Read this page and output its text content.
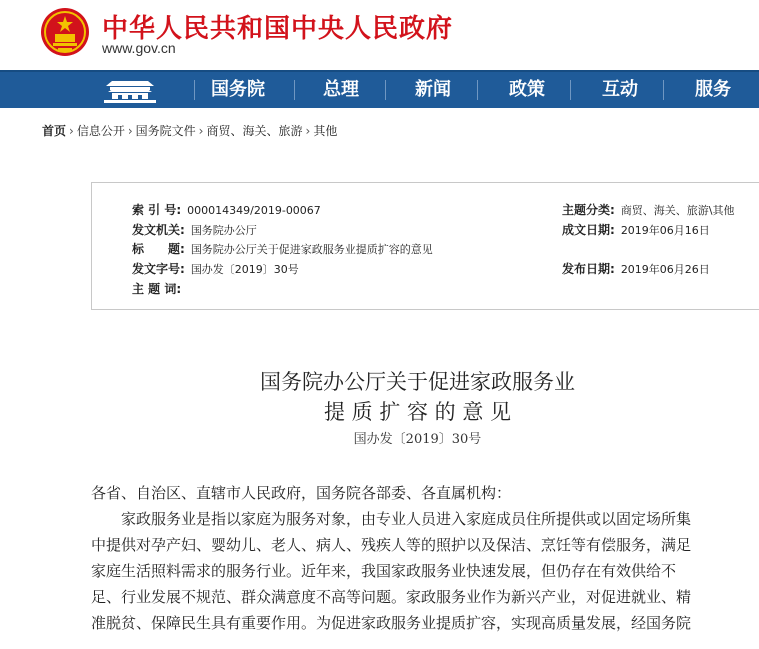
中华人民共和国中央人民政府
www.gov.cn
国务院	总理	新闻	政策	互动	服务
首页 › 信息公开 › 国务院文件 › 商贸、海关、旅游 › 其他
索 引 号: 000014349/2019-00067	主题分类: 商贸、海关、旅游\其他
发文机关: 国务院办公厅	成文日期: 2019年06月16日
标　　题: 国务院办公厅关于促进家政服务业提质扩容的意见
发文字号: 国办发〔2019〕30号	发布日期: 2019年06月26日
主 题 词:
国务院办公厅关于促进家政服务业
提 质 扩 容 的 意 见
国办发〔2019〕30号
各省、自治区、直辖市人民政府，国务院各部委、各直属机构：
　　家政服务业是指以家庭为服务对象，由专业人员进入家庭成员住所提供或以固定场所集
中提供对孕产妇、婴幼儿、老人、病人、残疾人等的照护以及保洁、烹饪等有偿服务，满足
家庭生活照料需求的服务行业。近年来，我国家政服务业快速发展，但仍存在有效供给不
足、行业发展不规范、群众满意度不高等问题。家政服务业作为新兴产业，对促进就业、精
准脱贫、保障民生具有重要作用。为促进家政服务业提质扩容，实现高质量发展，经国务院
